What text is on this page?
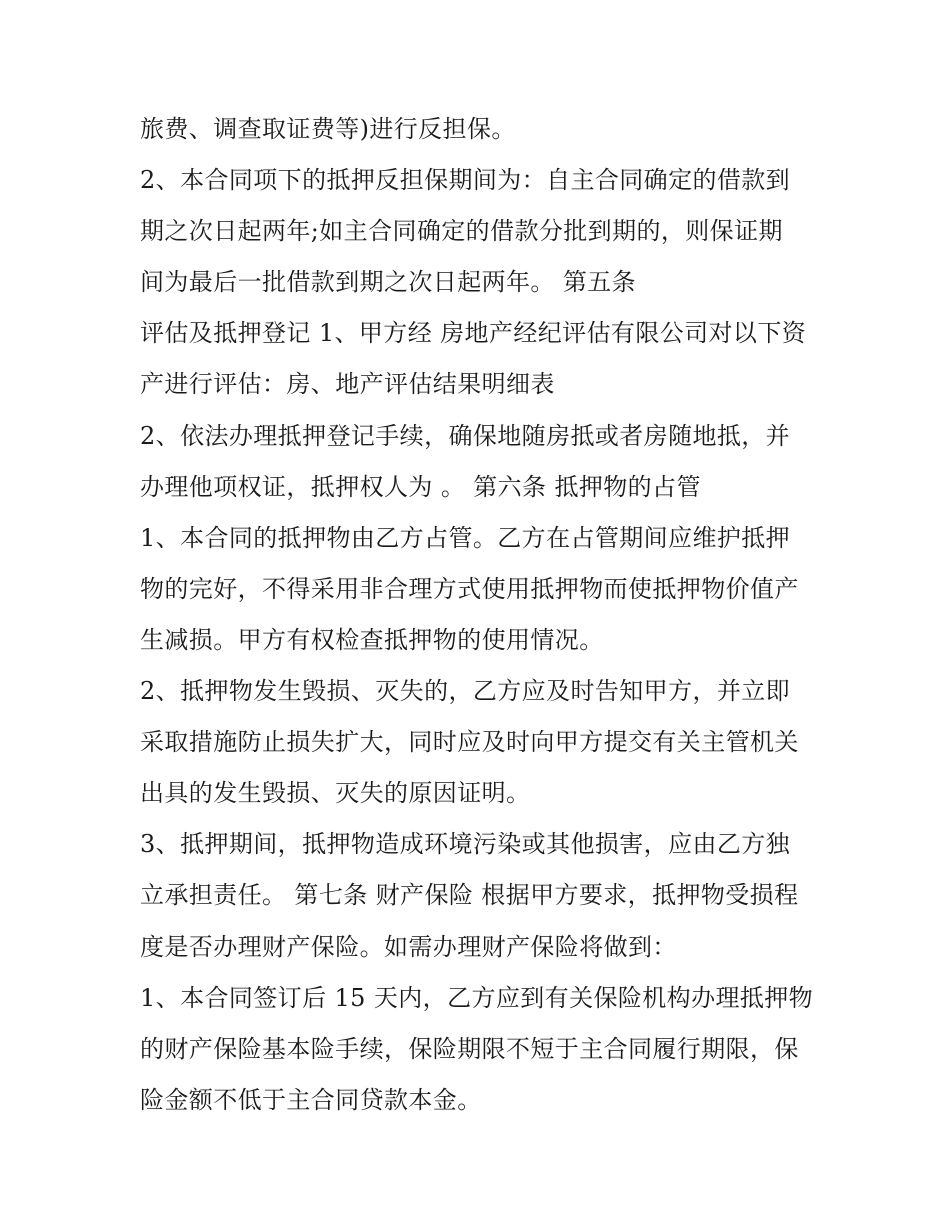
旅费、调查取证费等)进行反担保。
2、本合同项下的抵押反担保期间为：自主合同确定的借款到
期之次日起两年;如主合同确定的借款分批到期的，则保证期
间为最后一批借款到期之次日起两年。 第五条
评估及抵押登记 1、甲方经 房地产经纪评估有限公司对以下资
产进行评估：房、地产评估结果明细表
2、依法办理抵押登记手续，确保地随房抵或者房随地抵，并
办理他项权证，抵押权人为 。 第六条 抵押物的占管
1、本合同的抵押物由乙方占管。乙方在占管期间应维护抵押
物的完好，不得采用非合理方式使用抵押物而使抵押物价值产
生减损。甲方有权检查抵押物的使用情况。
2、抵押物发生毁损、灭失的，乙方应及时告知甲方，并立即
采取措施防止损失扩大，同时应及时向甲方提交有关主管机关
出具的发生毁损、灭失的原因证明。
3、抵押期间，抵押物造成环境污染或其他损害，应由乙方独
立承担责任。 第七条 财产保险 根据甲方要求，抵押物受损程
度是否办理财产保险。如需办理财产保险将做到：
1、本合同签订后 15 天内，乙方应到有关保险机构办理抵押物
的财产保险基本险手续，保险期限不短于主合同履行期限，保
险金额不低于主合同贷款本金。
